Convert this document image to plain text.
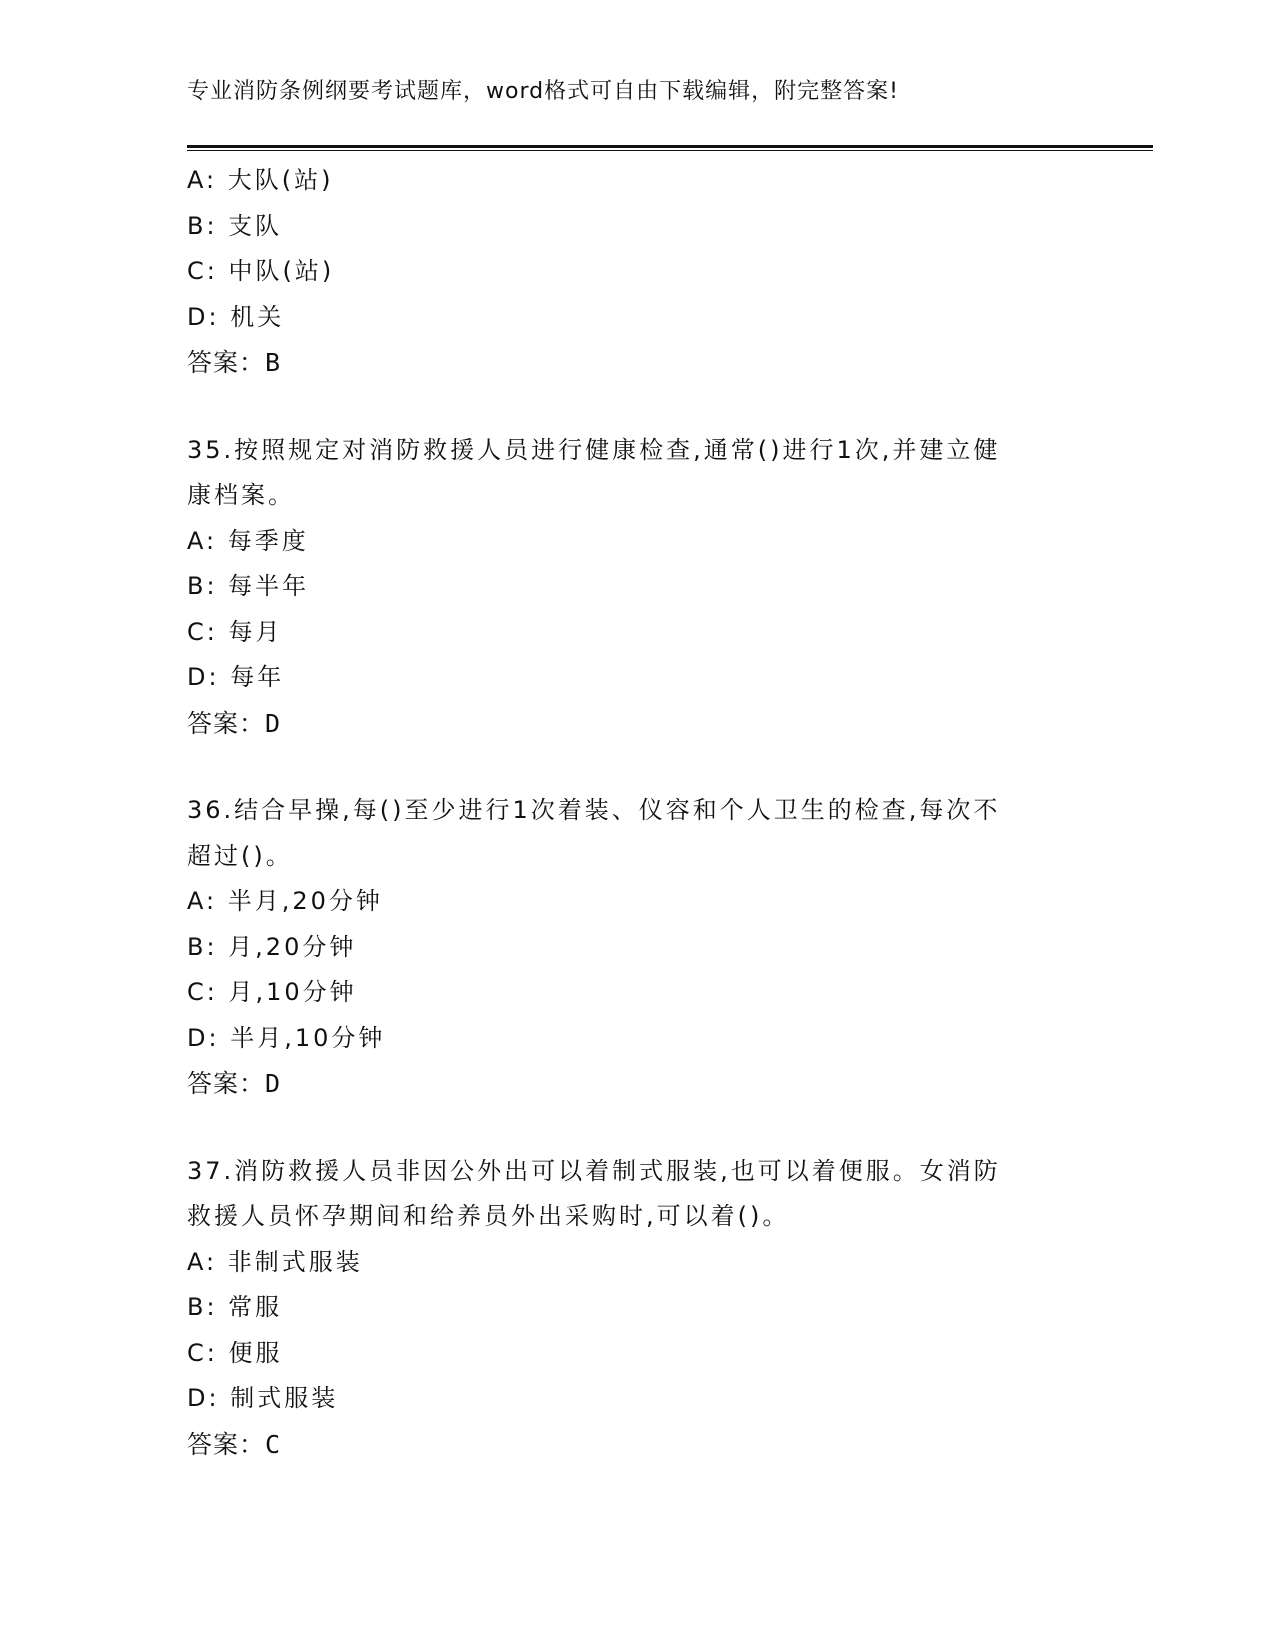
专业消防条例纲要考试题库，word格式可自由下载编辑，附完整答案!
A: 大队(站)
B: 支队
C: 中队(站)
D: 机关
答案：B
35.按照规定对消防救援人员进行健康检查,通常()进行1次,并建立健
康档案。
A: 每季度
B: 每半年
C: 每月
D: 每年
答案：D
36.结合早操,每()至少进行1次着装、仪容和个人卫生的检查,每次不
超过()。
A: 半月,20分钟
B: 月,20分钟
C: 月,10分钟
D: 半月,10分钟
答案：D
37.消防救援人员非因公外出可以着制式服装,也可以着便服。女消防
救援人员怀孕期间和给养员外出采购时,可以着()。
A: 非制式服装
B: 常服
C: 便服
D: 制式服装
答案：C
